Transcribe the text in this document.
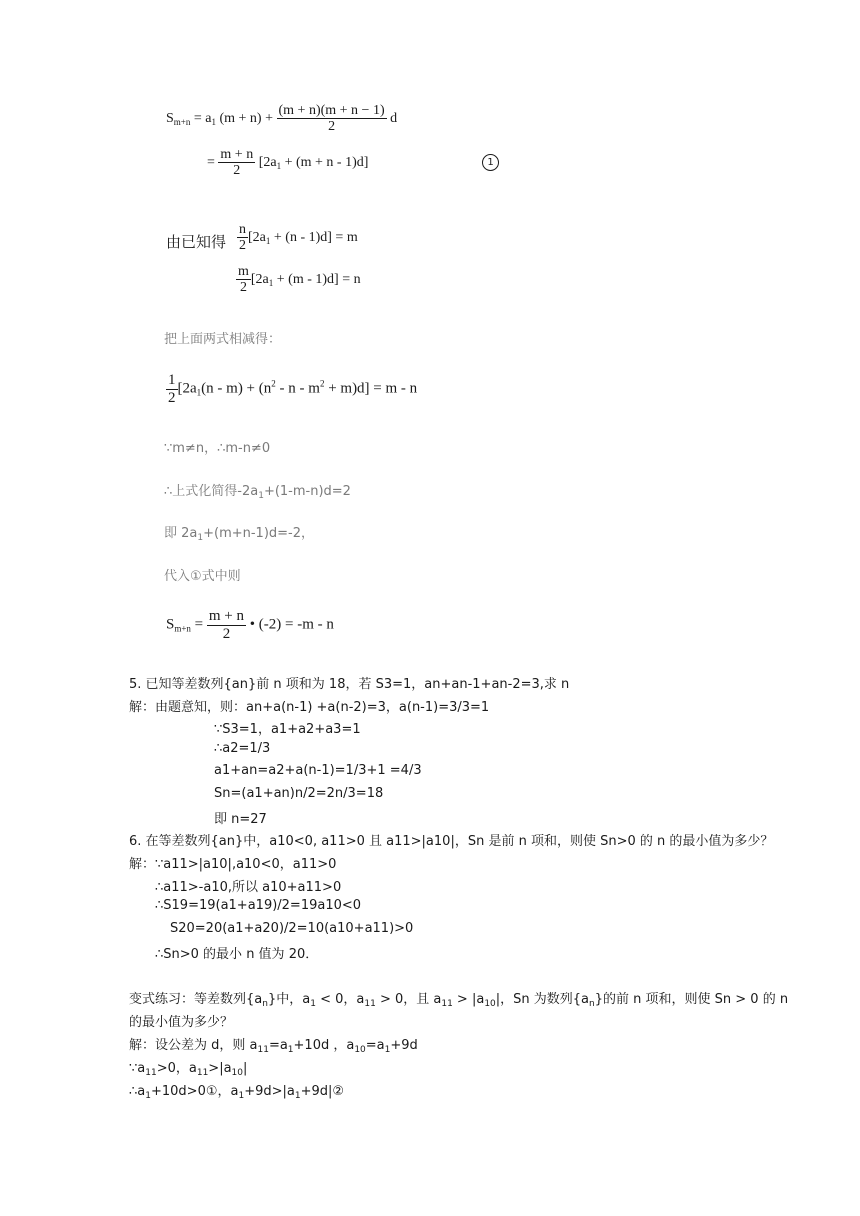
$S_{m+n} = a_1$ $(m + n) + \frac{(m + n)(m + n - 1)}{2}$ d
= $\frac{m + n}{2} [2a_1 + (m + n - 1)d]$	1
由已知得 $\frac{n}{2} [2a_1 + (n - 1)d] = m$
$\frac{m}{2} [2a_1 + (m - 1)d] = n$
把上面两式相减得：
$\frac{1}{2} [2a_1(n - m) + (n^2 - n - m^2 + m)d] = m - n$
∵m≠n，∴m-n≠0
∴上式化简得$-2a_1+(1-m-n)d=2$
即 $2a_1+(m+n-1)d=-2$，
代入①式中则
$S_{m+n} = \frac{m + n}{2}$ • (-2) = -m - n
5. 已知等差数列{an}前 n 项和为 18，若 S3=1，an+an-1+an-2=3,求 n
解：由题意知，则：an+a(n-1) +a(n-2)=3，a(n-1)=3/3=1
∵S3=1，a1+a2+a3=1
∴a2=1/3
a1+an=a2+a(n-1)=1/3+1 =4/3
Sn=(a1+an)n/2=2n/3=18
即 n=27
6. 在等差数列{an}中，a10<0, a11>0 且 a11>|a10|，Sn 是前 n 项和，则使 Sn>0 的 n 的最小值为多少？
解：∵a11>|a10|,a10<0，a11>0
∴a11>-a10,所以 a10+a11>0
∴S19=19(a1+a19)/2=19a10<0
S20=20(a1+a20)/2=10(a10+a11)>0
∴Sn>0 的最小 n 值为 20．
变式练习：等差数列$\{a_n\}$中，$a_1 < 0$，$a_{11} > 0$，且 $a_{11} > |a_{10}|$，Sn 为数列$\{a_n\}$的前 n 项和，则使 Sn > 0 的 n
的最小值为多少？
解：设公差为 d，则 $a_{11}=a_1+10d$ ，$a_{10}=a_1+9d$
$\because a_{11}>0$，$a_{11}>|a_{10}|$
$\therefore a_1+10d>0①$，$a_1+9d>|a_1+9d|②$
